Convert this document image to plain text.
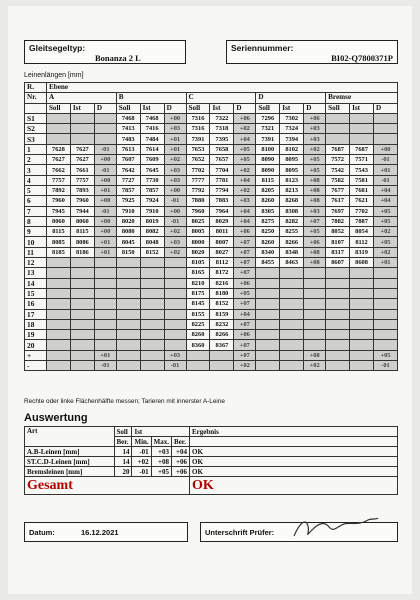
Gleitsegeltyp:
Bonanza 2 L
Seriennummer:
BI02-Q7800371P
Leinenlängen [mm]
R.	Ebene														
Nr.	A			B			C			D			Bremse		
	Soll	Ist	D	Soll	Ist	D	Soll	Ist	D	Soll	Ist	D	Soll	Ist	D
S1				7468	7468	+00	7316	7322	+06	7296	7302	+06			
S2				7413	7416	+03	7316	7318	+02	7321	7324	+03			
S3				7483	7484	+01	7391	7395	+04	7391	7394	+03			
1	7628	7627	-01	7613	7614	+01	7653	7658	+05	8100	8102	+02	7687	7687	+00
2	7627	7627	+00	7607	7609	+02	7652	7657	+05	8090	8095	+05	7572	7571	-01
3	7662	7661	-01	7642	7645	+03	7702	7704	+02	8090	8095	+05	7542	7543	+01
4	7757	7757	+00	7727	7730	+03	7777	7781	+04	8115	8123	+08	7582	7581	-01
5	7892	7893	+01	7857	7857	+00	7792	7794	+02	8205	8213	+08	7677	7681	+04
6	7960	7960	+00	7925	7924	-01	7880	7883	+03	8260	8268	+08	7617	7621	+04
7	7945	7944	-01	7910	7910	+00	7960	7964	+04	8305	8308	+03	7697	7702	+05
8	8060	8060	+00	8020	8019	-01	8025	8029	+04	8275	8282	+07	7882	7887	+05
9	8115	8115	+00	8080	8082	+02	8005	8011	+06	8250	8255	+05	8052	8054	+02
10	8085	8086	+01	8045	8048	+03	8000	8007	+07	8260	8266	+06	8107	8112	+05
11	8185	8186	+01	8150	8152	+02	8020	8027	+07	8340	8348	+08	8317	8319	+02
12							8105	8112	+07	8455	8463	+08	8607	8608	+01
13							8165	8172	+07						
14							8210	8216	+06						
15							8175	8180	+05						
16							8145	8152	+07						
17							8155	8159	+04						
18							8225	8232	+07						
19							8260	8266	+06						
20							8360	8367	+07						
+			+01			+03			+07			+08			+05
-			-01			-01			+02			+02			-01
Rechte oder linke Flächenhälfte messen; Tarieren mit innerster A-Leine
Auswertung
Art	Soll	Ist			Ergebnis
	Ber.	Min.	Max.	Ber.	
A.B-Leinen [mm]	14	-01	+03	+04	OK
ST.C.D-Leinen [mm]	14	+02	+08	+06	OK
Bremsleinen [mm]	20	-01	+05	+06	OK
Gesamt					OK
Datum:	16.12.2021	Unterschrift Prüfer:
